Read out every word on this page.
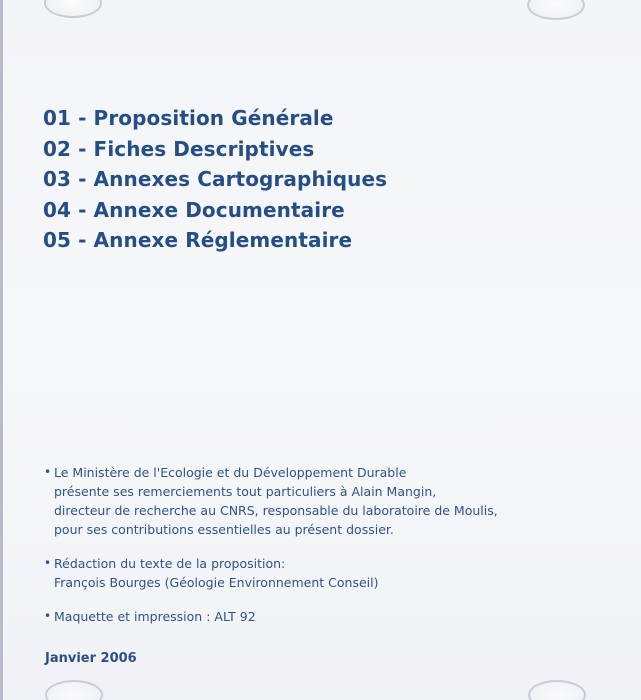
01 - Proposition Générale
02 - Fiches Descriptives
03 - Annexes Cartographiques
04 - Annexe Documentaire
05 - Annexe Réglementaire
• Le Ministère de l'Ecologie et du Développement Durable

présente ses remerciements tout particuliers à Alain Mangin,

directeur de recherche au CNRS, responsable du laboratoire de Moulis,

pour ses contributions essentielles au présent dossier.

• Rédaction du texte de la proposition:

François Bourges (Géologie Environnement Conseil)

• Maquette et impression : ALT 92

Janvier 2006
